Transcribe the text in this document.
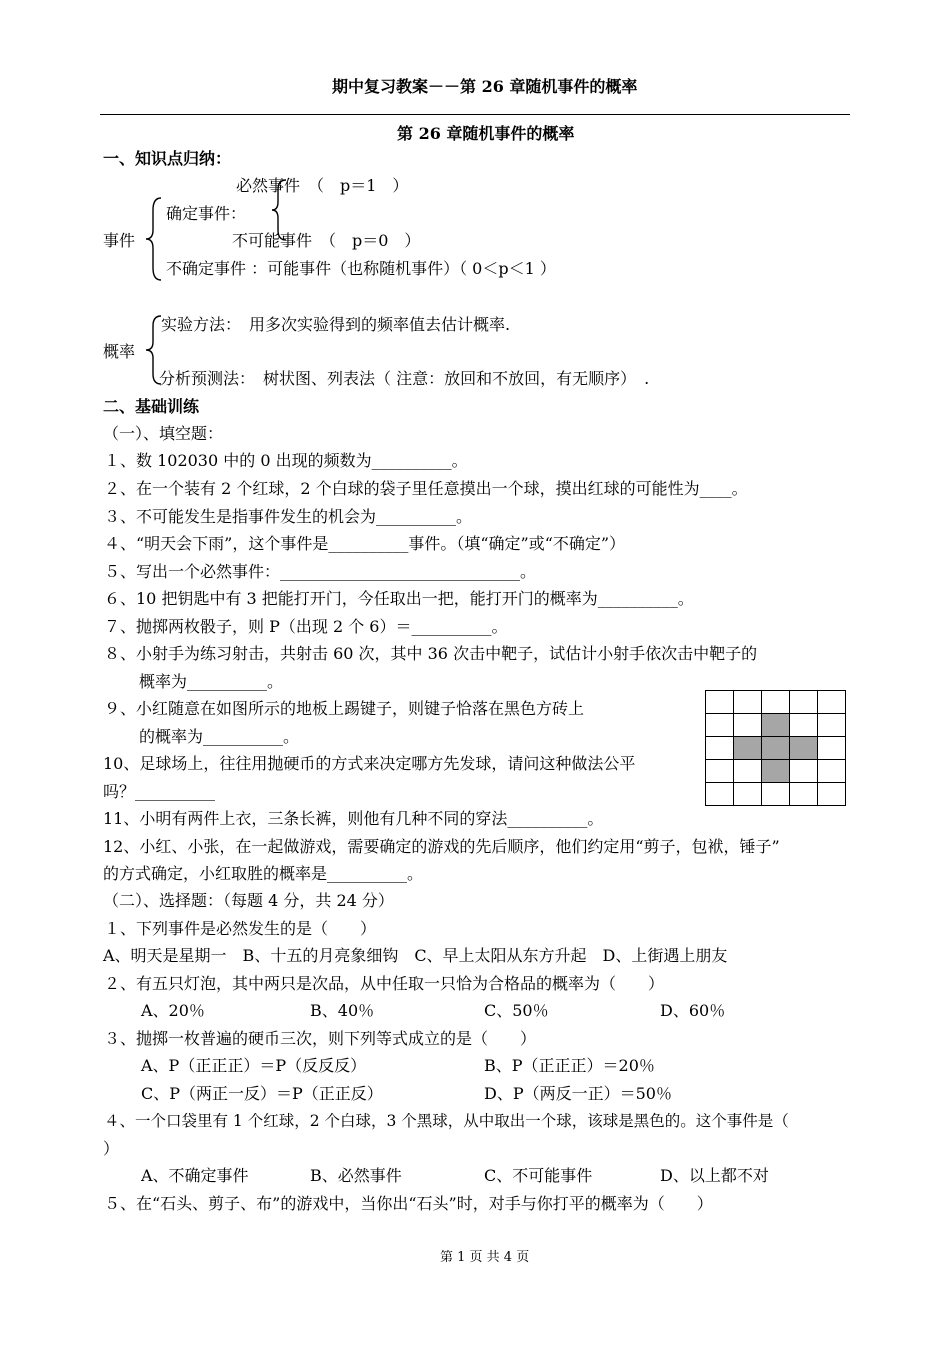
期中复习教案－－第 26 章随机事件的概率
第 26 章随机事件的概率
一、知识点归纳：
必然事件　（　p＝1　）
确定事件：
事件	不可能事件　（　p＝0　）
不确定事件 ：可能事件（也称随机事件）（ 0＜p＜1 ）
实验方法：　用多次实验得到的频率值去估计概率.
概率
分析预测法：　树状图、列表法（ 注意：放回和不放回，有无顺序）　.
二、基础训练
（一）、填空题：
１、数 102030 中的 0 出现的频数为__________。
２、在一个装有 2 个红球，2 个白球的袋子里任意摸出一个球，摸出红球的可能性为____。
３、不可能发生是指事件发生的机会为__________。
４、“明天会下雨”，这个事件是__________事件。（填“确定”或“不确定”）
５、写出一个必然事件：______________________________。
６、10 把钥匙中有 3 把能打开门，今任取出一把，能打开门的概率为__________。
７、抛掷两枚骰子，则 P（出现 2 个 6）＝__________。
８、小射手为练习射击，共射击 60 次，其中 36 次击中靶子，试估计小射手依次击中靶子的
概率为__________。
９、小红随意在如图所示的地板上踢键子，则键子恰落在黑色方砖上
的概率为__________。
10、足球场上，往往用抛硬币的方式来决定哪方先发球，请问这种做法公平
吗？__________
11、小明有两件上衣，三条长裤，则他有几种不同的穿法__________。
12、小红、小张，在一起做游戏，需要确定的游戏的先后顺序，他们约定用“剪子，包袱，锤子”
的方式确定，小红取胜的概率是__________。

（二）、选择题：（每题 4 分，共 24 分）
１、下列事件是必然发生的是（　　）
A、明天是星期一　B、十五的月亮象细钩　C、早上太阳从东方升起　D、上街遇上朋友
２、有五只灯泡，其中两只是次品，从中任取一只恰为合格品的概率为（　　）
A、20％	B、40％	C、50％	D、60％
３、抛掷一枚普遍的硬币三次，则下列等式成立的是（　　）
A、P（正正正）＝P（反反反）	B、P（正正正）＝20％
C、P（两正一反）＝P（正正反）	D、P（两反一正）＝50％
４、一个口袋里有 1 个红球，2 个白球，3 个黑球，从中取出一个球，该球是黑色的。这个事件是（
）
A、不确定事件	B、必然事件	C、不可能事件	D、以上都不对
５、在“石头、剪子、布”的游戏中，当你出“石头”时，对手与你打平的概率为（　　）
第 1 页 共 4 页
